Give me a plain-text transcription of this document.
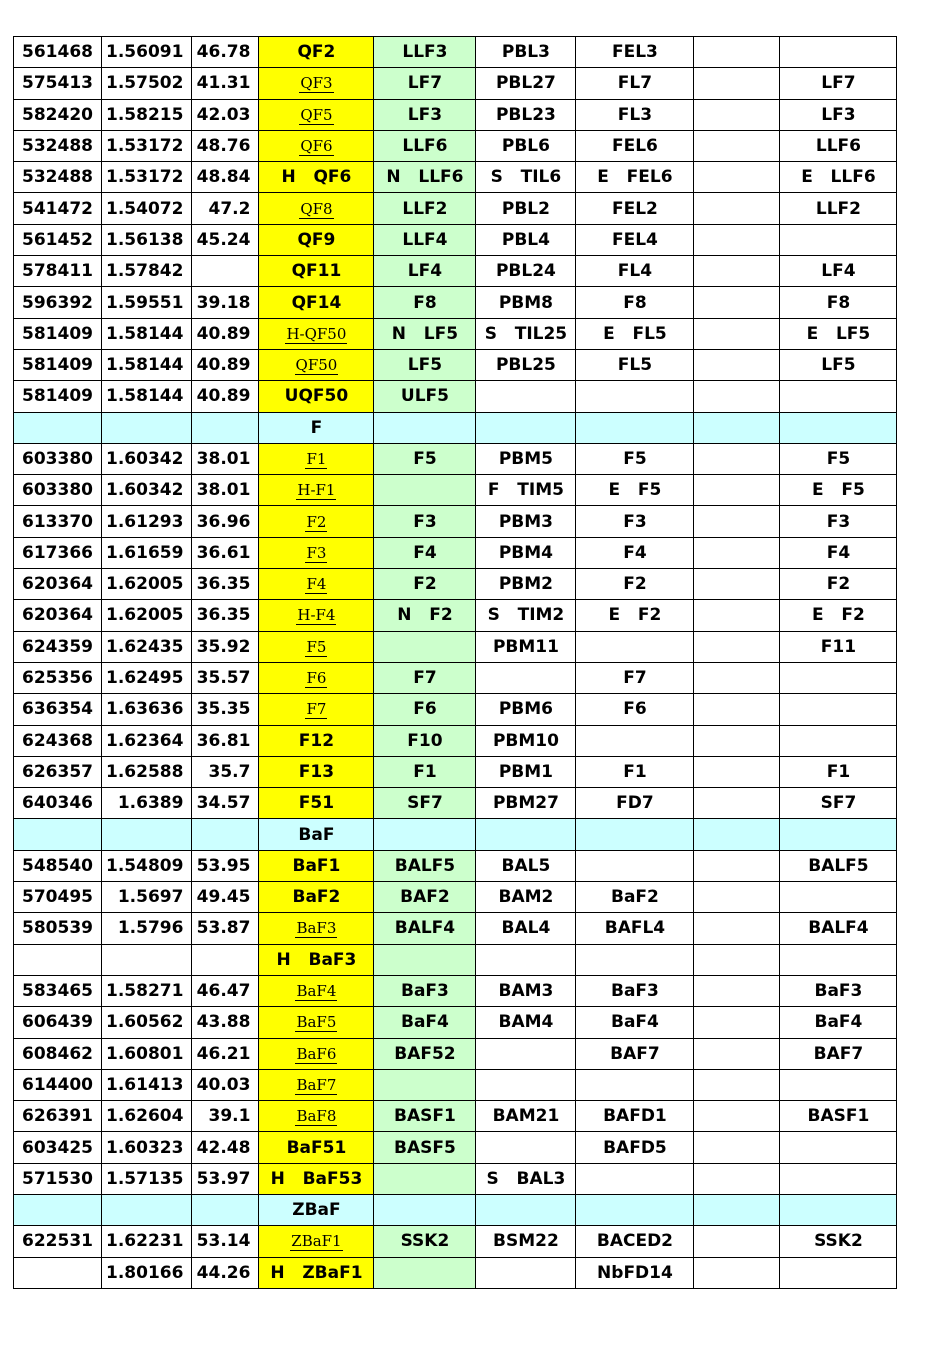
561468	1.56091	46.78	QF2	LLF3	PBL3	FEL3		
575413	1.57502	41.31	QF3	LF7	PBL27	FL7		LF7
582420	1.58215	42.03	QF5	LF3	PBL23	FL3		LF3
532488	1.53172	48.76	QF6	LLF6	PBL6	FEL6		LLF6
532488	1.53172	48.84	H   QF6	N   LLF6	S   TIL6	E   FEL6		E   LLF6
541472	1.54072	47.2	QF8	LLF2	PBL2	FEL2		LLF2
561452	1.56138	45.24	QF9	LLF4	PBL4	FEL4		
578411	1.57842		QF11	LF4	PBL24	FL4		LF4
596392	1.59551	39.18	QF14	F8	PBM8	F8		F8
581409	1.58144	40.89	H-QF50	N   LF5	S   TIL25	E   FL5		E   LF5
581409	1.58144	40.89	QF50	LF5	PBL25	FL5		LF5
581409	1.58144	40.89	UQF50	ULF5				
			F					
603380	1.60342	38.01	F1	F5	PBM5	F5		F5
603380	1.60342	38.01	H-F1		F   TIM5	E   F5		E   F5
613370	1.61293	36.96	F2	F3	PBM3	F3		F3
617366	1.61659	36.61	F3	F4	PBM4	F4		F4
620364	1.62005	36.35	F4	F2	PBM2	F2		F2
620364	1.62005	36.35	H-F4	N   F2	S   TIM2	E   F2		E   F2
624359	1.62435	35.92	F5		PBM11			F11
625356	1.62495	35.57	F6	F7		F7		
636354	1.63636	35.35	F7	F6	PBM6	F6		
624368	1.62364	36.81	F12	F10	PBM10			
626357	1.62588	35.7	F13	F1	PBM1	F1		F1
640346	1.6389	34.57	F51	SF7	PBM27	FD7		SF7
			BaF					
548540	1.54809	53.95	BaF1	BALF5	BAL5			BALF5
570495	1.5697	49.45	BaF2	BAF2	BAM2	BaF2		
580539	1.5796	53.87	BaF3	BALF4	BAL4	BAFL4		BALF4
			H   BaF3					
583465	1.58271	46.47	BaF4	BaF3	BAM3	BaF3		BaF3
606439	1.60562	43.88	BaF5	BaF4	BAM4	BaF4		BaF4
608462	1.60801	46.21	BaF6	BAF52		BAF7		BAF7
614400	1.61413	40.03	BaF7					
626391	1.62604	39.1	BaF8	BASF1	BAM21	BAFD1		BASF1
603425	1.60323	42.48	BaF51	BASF5		BAFD5		
571530	1.57135	53.97	H   BaF53		S   BAL3			
			ZBaF					
622531	1.62231	53.14	ZBaF1	SSK2	BSM22	BACED2		SSK2
	1.80166	44.26	H   ZBaF1			NbFD14		
